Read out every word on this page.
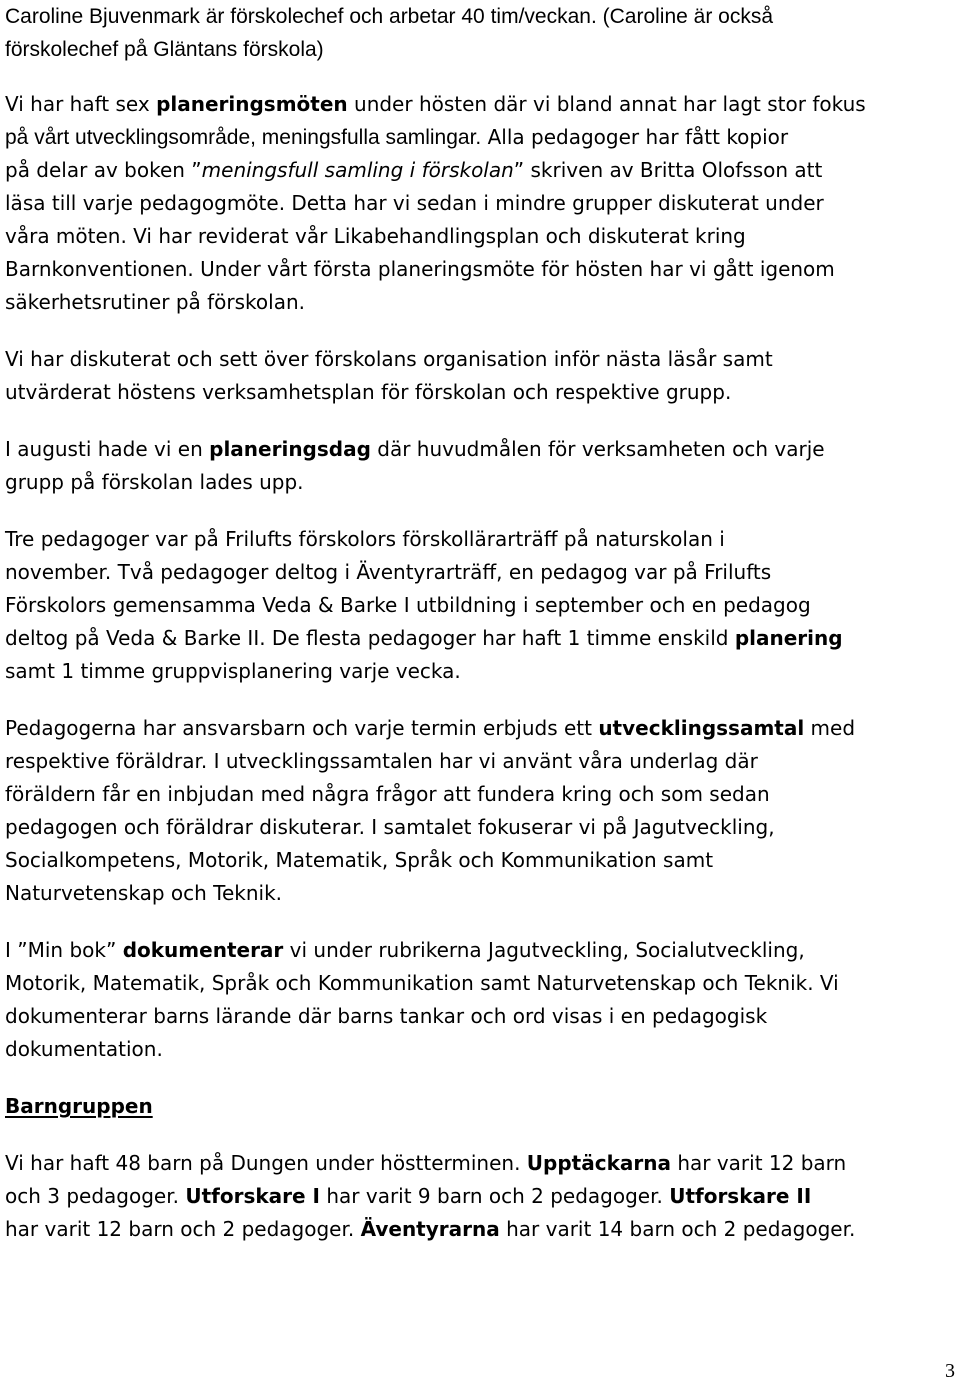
Caroline Bjuvenmark är förskolechef och arbetar 40 tim/veckan. (Caroline är också
förskolechef på Gläntans förskola)

Vi har haft sex planeringsmöten under hösten där vi bland annat har lagt stor fokus
på vårt utvecklingsområde, meningsfulla samlingar. Alla pedagoger har fått kopior
på delar av boken ”meningsfull samling i förskolan” skriven av Britta Olofsson att
läsa till varje pedagogmöte. Detta har vi sedan i mindre grupper diskuterat under
våra möten. Vi har reviderat vår Likabehandlingsplan och diskuterat kring
Barnkonventionen. Under vårt första planeringsmöte för hösten har vi gått igenom
säkerhetsrutiner på förskolan.

Vi har diskuterat och sett över förskolans organisation inför nästa läsår samt
utvärderat höstens verksamhetsplan för förskolan och respektive grupp.

I augusti hade vi en planeringsdag där huvudmålen för verksamheten och varje
grupp på förskolan lades upp.

Tre pedagoger var på Frilufts förskolors förskollärarträff på naturskolan i
november. Två pedagoger deltog i Äventyrarträff, en pedagog var på Frilufts
Förskolors gemensamma Veda & Barke I utbildning i september och en pedagog
deltog på Veda & Barke II. De flesta pedagoger har haft 1 timme enskild planering
samt 1 timme gruppvisplanering varje vecka.

Pedagogerna har ansvarsbarn och varje termin erbjuds ett utvecklingssamtal med
respektive föräldrar. I utvecklingssamtalen har vi använt våra underlag där
föräldern får en inbjudan med några frågor att fundera kring och som sedan
pedagogen och föräldrar diskuterar. I samtalet fokuserar vi på Jagutveckling,
Socialkompetens, Motorik, Matematik, Språk och Kommunikation samt
Naturvetenskap och Teknik.

I ”Min bok” dokumenterar vi under rubrikerna Jagutveckling, Socialutveckling,
Motorik, Matematik, Språk och Kommunikation samt Naturvetenskap och Teknik. Vi
dokumenterar barns lärande där barns tankar och ord visas i en pedagogisk
dokumentation.

Barngruppen

Vi har haft 48 barn på Dungen under höstterminen. Upptäckarna har varit 12 barn
och 3 pedagoger. Utforskare I har varit 9 barn och 2 pedagoger. Utforskare II
har varit 12 barn och 2 pedagoger. Äventyrarna har varit 14 barn och 2 pedagoger.

3
